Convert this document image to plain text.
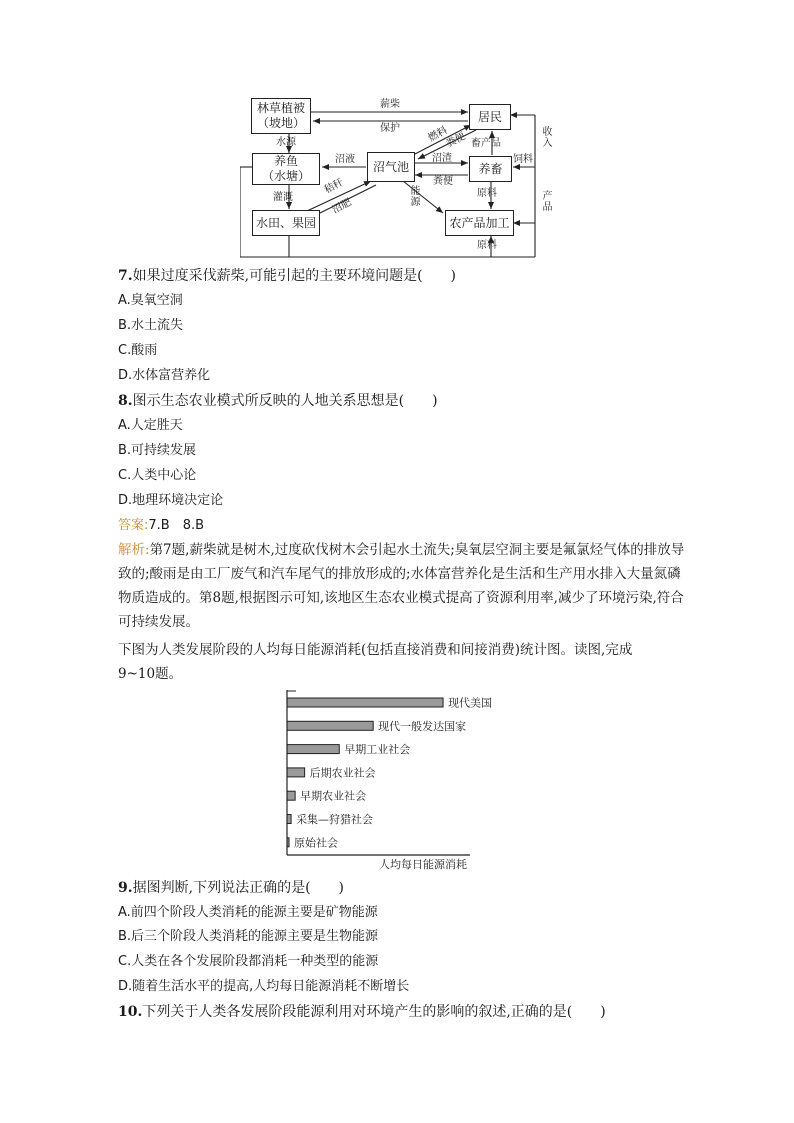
林草植被
（坡地）	居民
养鱼
（水塘）
沼气池	养畜
水田、果园	农产品加工
薪柴
保护
水源	燃料
粪便 畜产品
收入
沼液	沼渣	饲料
粪便
灌溉
秸秆
沼肥
能源
原料	产品
原料
7.如果过度采伐薪柴,可能引起的主要环境问题是(　　)
A.臭氧空洞
B.水土流失
C.酸雨
D.水体富营养化
8.图示生态农业模式所反映的人地关系思想是(　　)
A.人定胜天
B.可持续发展
C.人类中心论
D.地理环境决定论
答案:7.B　8.B
解析:第7题,薪柴就是树木,过度砍伐树木会引起水土流失;臭氧层空洞主要是氟氯烃气体的排放导致的;酸雨是由工厂废气和汽车尾气的排放形成的;水体富营养化是生活和生产用水排入大量氮磷物质造成的。第8题,根据图示可知,该地区生态农业模式提高了资源利用率,减少了环境污染,符合可持续发展。
下图为人类发展阶段的人均每日能源消耗(包括直接消费和间接消费)统计图。读图,完成
9~10题。
现代美国
现代一般发达国家
早期工业社会
后期农业社会
早期农业社会
采集—狩猎社会
原始社会
人均每日能源消耗
9.据图判断,下列说法正确的是(　　)
A.前四个阶段人类消耗的能源主要是矿物能源
B.后三个阶段人类消耗的能源主要是生物能源
C.人类在各个发展阶段都消耗一种类型的能源
D.随着生活水平的提高,人均每日能源消耗不断增长
10.下列关于人类各发展阶段能源利用对环境产生的影响的叙述,正确的是(　　)
